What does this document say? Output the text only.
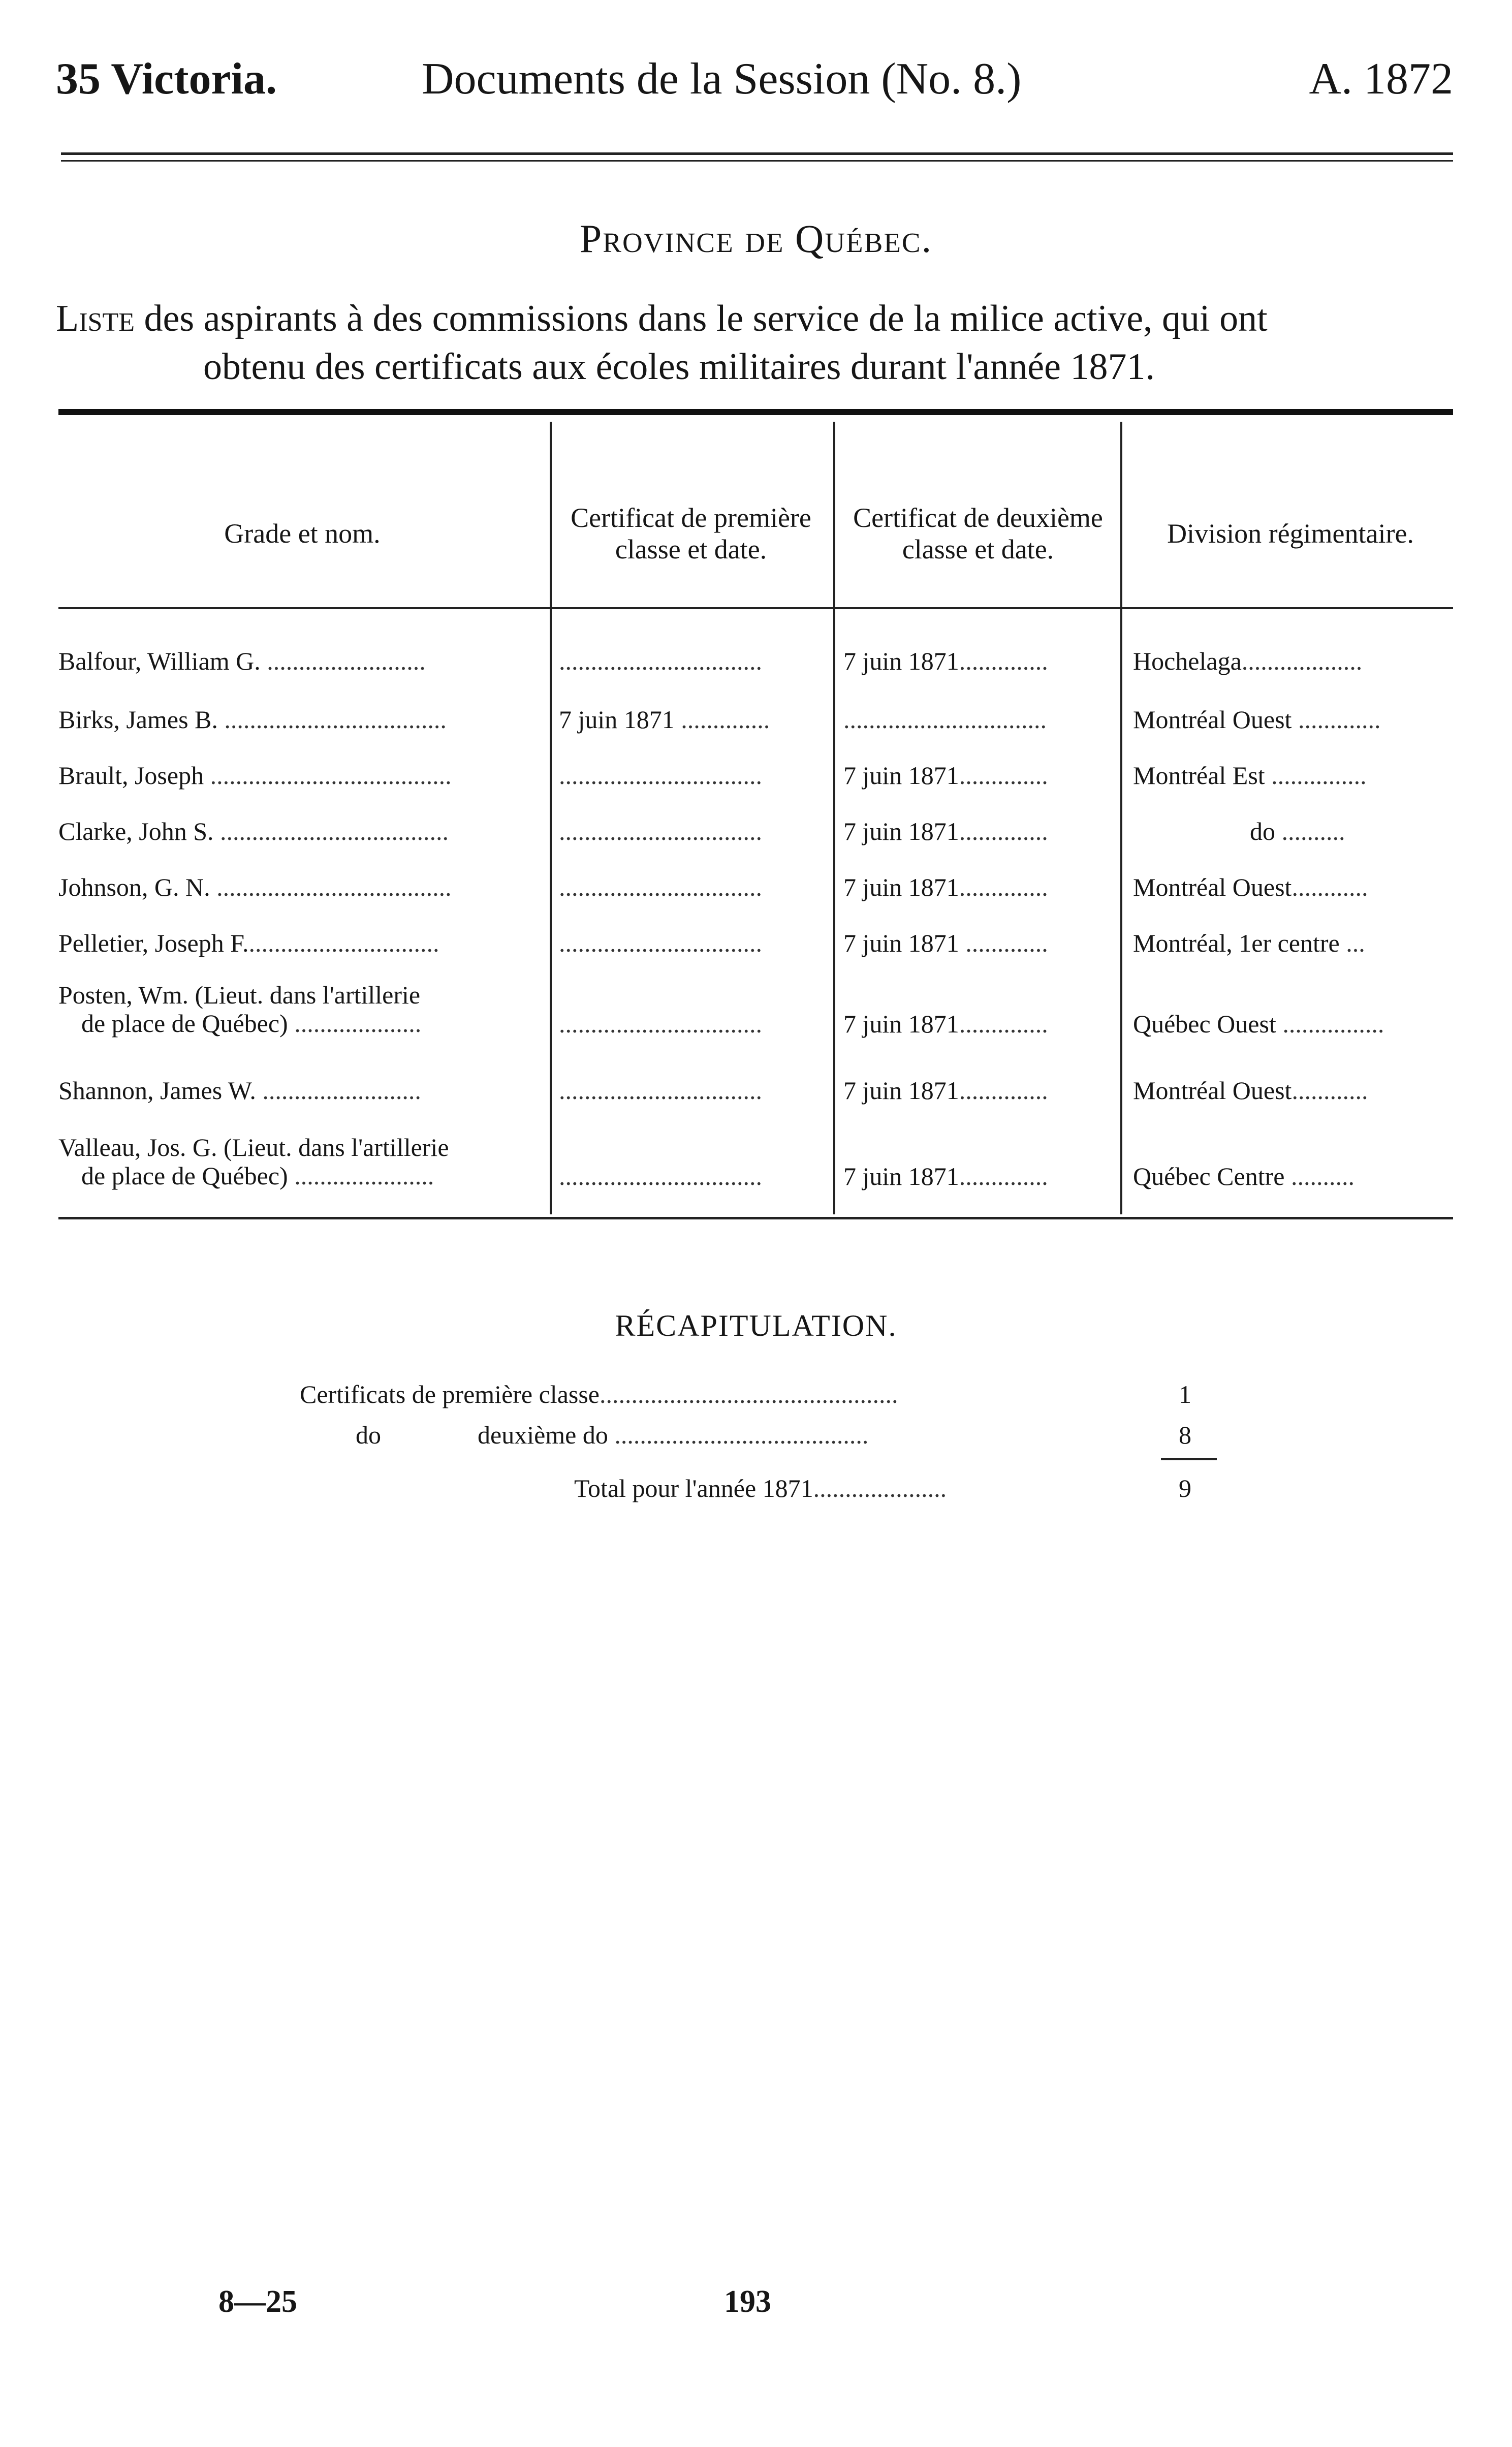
35 Victoria.	Documents de la Session (No. 8.)	A. 1872
Province de Québec.
Liste des aspirants à des commissions dans le service de la milice active, qui ont
obtenu des certificats aux écoles militaires durant l'année 1871.
Grade et nom.
Certificat de première classe et date.
Certificat de deuxième classe et date.
Division régimentaire.
Balfour, William G. .........................	................................	7 juin 1871..............	Hochelaga...................
Birks, James B. ...................................	7 juin 1871 ..............	................................	Montréal Ouest .............
Brault, Joseph ......................................	................................	7 juin 1871..............	Montréal Est ...............
Clarke, John S. ....................................	................................	7 juin 1871..............	do ..........
Johnson, G. N. .....................................	................................	7 juin 1871..............	Montréal Ouest............
Pelletier, Joseph F...............................	................................	7 juin 1871 .............	Montréal, 1er centre ...
Posten, Wm. (Lieut. dans l'artillerie
de place de Québec) ....................	................................	7 juin 1871..............	Québec Ouest ................
Shannon, James W. .........................	................................	7 juin 1871..............	Montréal Ouest............
Valleau, Jos. G. (Lieut. dans l'artillerie
de place de Québec) ......................	................................	7 juin 1871..............	Québec Centre ..........
RÉCAPITULATION.
Certificats de première classe...............................................	1
do	deuxième do ........................................	8
Total pour l'année 1871.....................	9
8—25	193
